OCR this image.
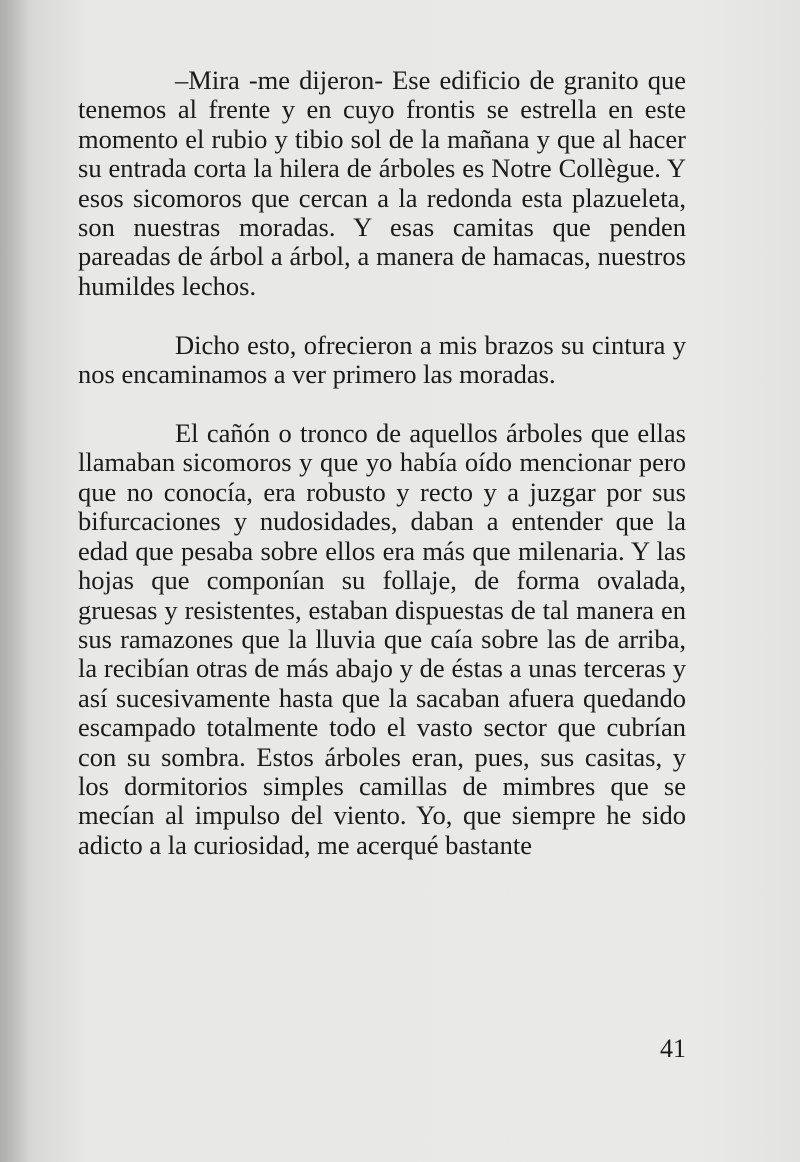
–Mira -me dijeron- Ese edificio de granito que tenemos al frente y en cuyo frontis se estrella en este momento el rubio y tibio sol de la mañana y que al hacer su entrada corta la hilera de árboles es Notre Collègue. Y esos sicomoros que cercan a la redonda esta plazueleta, son nuestras moradas. Y esas camitas que penden pareadas de árbol a árbol, a manera de hamacas, nuestros humildes lechos.

Dicho esto, ofrecieron a mis brazos su cintura y nos encaminamos a ver primero las moradas.

El cañón o tronco de aquellos árboles que ellas llamaban sicomoros y que yo había oído mencionar pero que no conocía, era robusto y recto y a juzgar por sus bifurcaciones y nudosidades, daban a entender que la edad que pesaba sobre ellos era más que milenaria. Y las hojas que componían su follaje, de forma ovalada, gruesas y resistentes, estaban dispuestas de tal manera en sus ramazones que la lluvia que caía sobre las de arriba, la recibían otras de más abajo y de éstas a unas terceras y así sucesivamente hasta que la sacaban afuera quedando escampado totalmente todo el vasto sector que cubrían con su sombra. Estos árboles eran, pues, sus casitas, y los dormitorios simples camillas de mimbres que se mecían al impulso del viento. Yo, que siempre he sido adicto a la curiosidad, me acerqué bastante

41
